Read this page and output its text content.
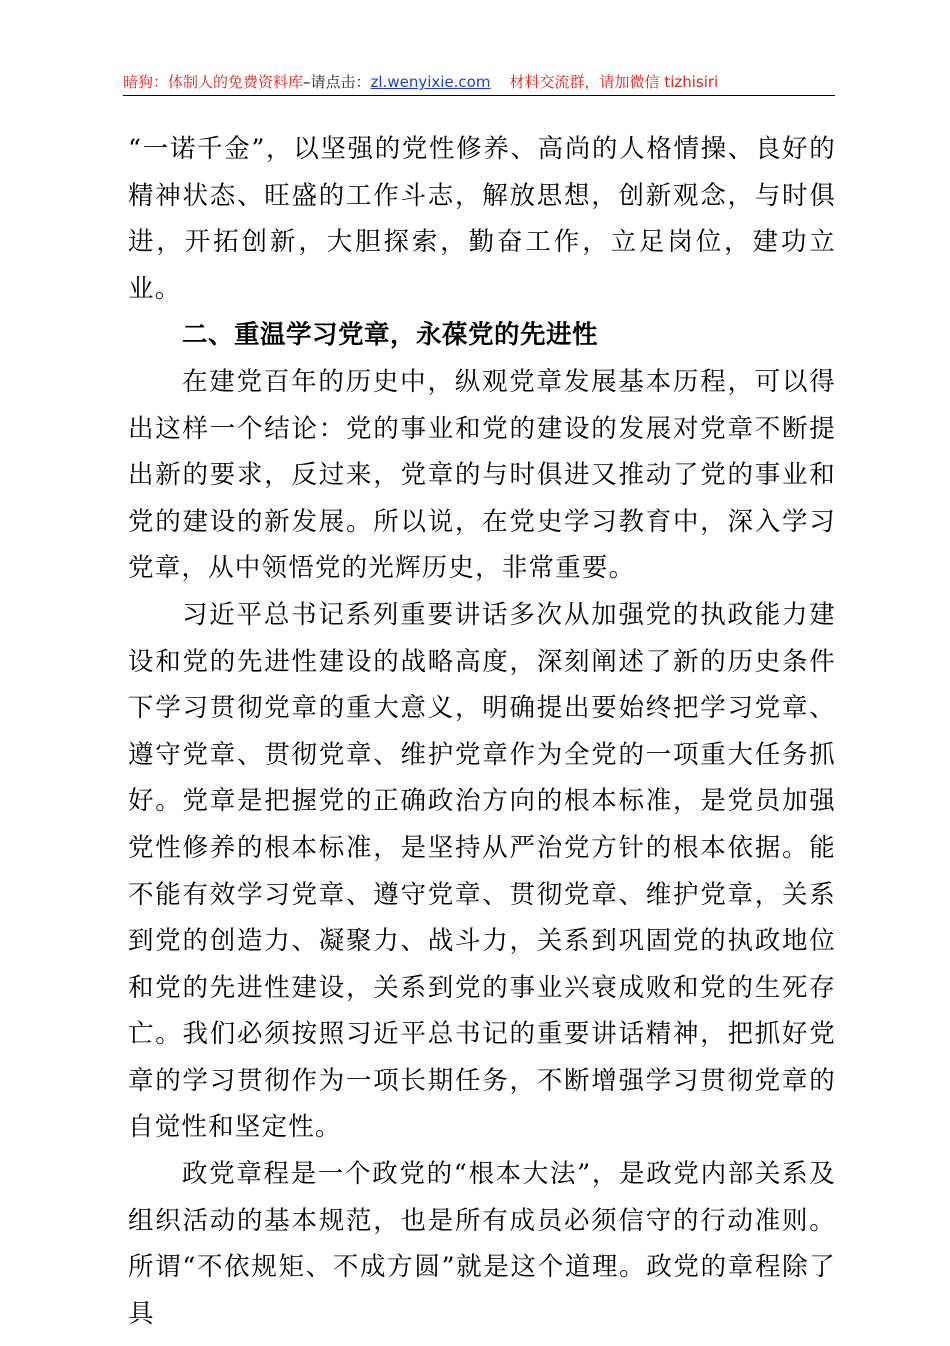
暗狗：体制人的免费资料库–请点击：zl.wenyixie.com 材料交流群，请加微信 tizhisiri

“一诺千金”，以坚强的党性修养、高尚的人格情操、良好的精神状态、旺盛的工作斗志，解放思想，创新观念，与时俱进，开拓创新，大胆探索，勤奋工作，立足岗位，建功立业。

二、重温学习党章，永葆党的先进性

在建党百年的历史中，纵观党章发展基本历程，可以得出这样一个结论：党的事业和党的建设的发展对党章不断提出新的要求，反过来，党章的与时俱进又推动了党的事业和党的建设的新发展。所以说，在党史学习教育中，深入学习党章，从中领悟党的光辉历史，非常重要。

习近平总书记系列重要讲话多次从加强党的执政能力建设和党的先进性建设的战略高度，深刻阐述了新的历史条件下学习贯彻党章的重大意义，明确提出要始终把学习党章、遵守党章、贯彻党章、维护党章作为全党的一项重大任务抓好。党章是把握党的正确政治方向的根本标准，是党员加强党性修养的根本标准，是坚持从严治党方针的根本依据。能不能有效学习党章、遵守党章、贯彻党章、维护党章，关系到党的创造力、凝聚力、战斗力，关系到巩固党的执政地位和党的先进性建设，关系到党的事业兴衰成败和党的生死存亡。我们必须按照习近平总书记的重要讲话精神，把抓好党章的学习贯彻作为一项长期任务，不断增强学习贯彻党章的自觉性和坚定性。

政党章程是一个政党的“根本大法”，是政党内部关系及组织活动的基本规范，也是所有成员必须信守的行动准则。所谓“不依规矩、不成方圆”就是这个道理。政党的章程除了具
